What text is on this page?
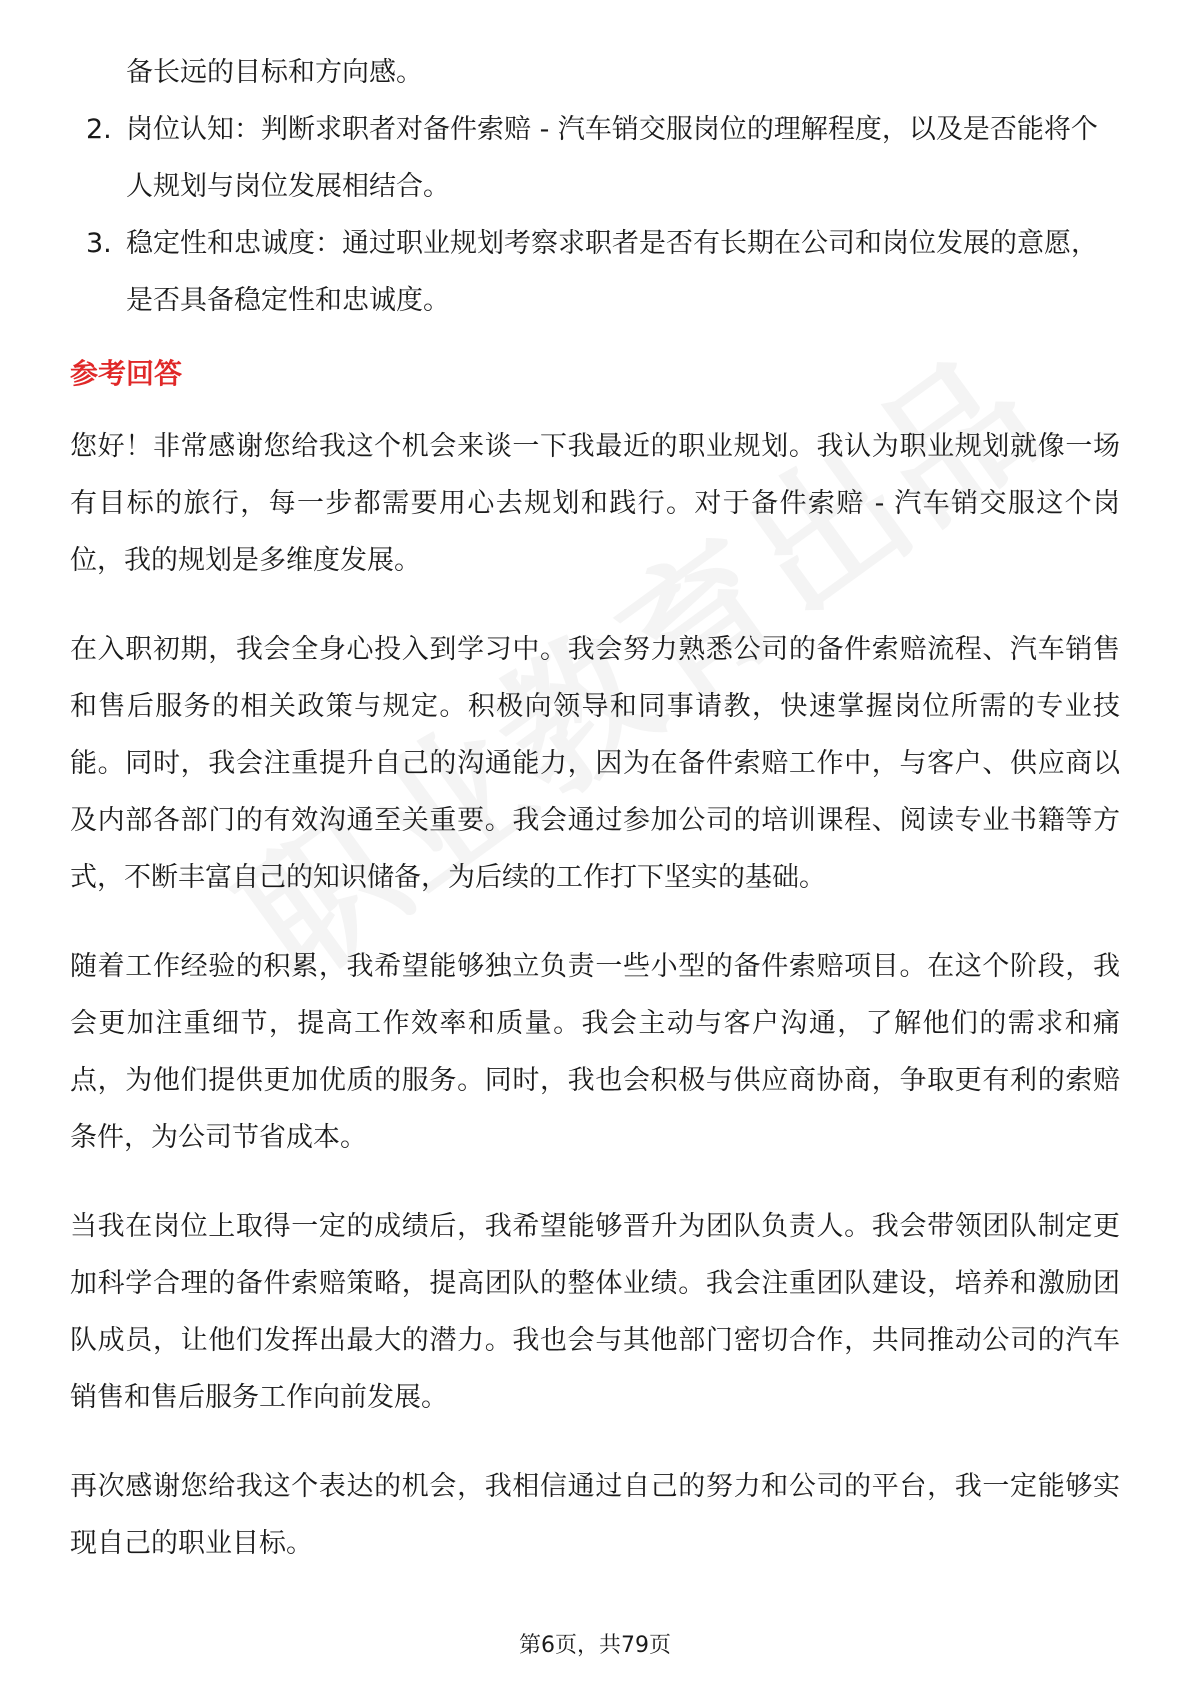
备长远的目标和方向感。
2. 岗位认知：判断求职者对备件索赔 - 汽车销交服岗位的理解程度，以及是否能将个人规划与岗位发展相结合。
3. 稳定性和忠诚度：通过职业规划考察求职者是否有长期在公司和岗位发展的意愿，是否具备稳定性和忠诚度。
参考回答

您好！非常感谢您给我这个机会来谈一下我最近的职业规划。我认为职业规划就像一场有目标的旅行，每一步都需要用心去规划和践行。对于备件索赔 - 汽车销交服这个岗位，我的规划是多维度发展。

在入职初期，我会全身心投入到学习中。我会努力熟悉公司的备件索赔流程、汽车销售和售后服务的相关政策与规定。积极向领导和同事请教，快速掌握岗位所需的专业技能。同时，我会注重提升自己的沟通能力，因为在备件索赔工作中，与客户、供应商以及内部各部门的有效沟通至关重要。我会通过参加公司的培训课程、阅读专业书籍等方式，不断丰富自己的知识储备，为后续的工作打下坚实的基础。

随着工作经验的积累，我希望能够独立负责一些小型的备件索赔项目。在这个阶段，我会更加注重细节，提高工作效率和质量。我会主动与客户沟通，了解他们的需求和痛点，为他们提供更加优质的服务。同时，我也会积极与供应商协商，争取更有利的索赔条件，为公司节省成本。

当我在岗位上取得一定的成绩后，我希望能够晋升为团队负责人。我会带领团队制定更加科学合理的备件索赔策略，提高团队的整体业绩。我会注重团队建设，培养和激励团队成员，让他们发挥出最大的潜力。我也会与其他部门密切合作，共同推动公司的汽车销售和售后服务工作向前发展。

再次感谢您给我这个表达的机会，我相信通过自己的努力和公司的平台，我一定能够实现自己的职业目标。

第6页，共79页
